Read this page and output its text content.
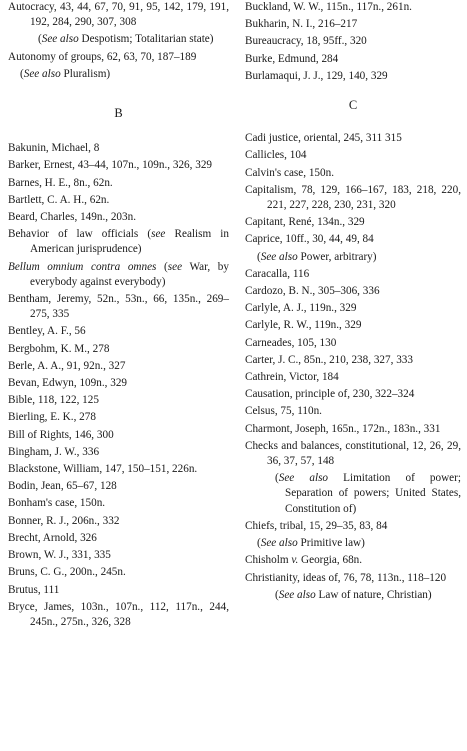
Autocracy, 43, 44, 67, 70, 91, 95, 142, 179, 191, 192, 284, 290, 307, 308

(See also Despotism; Totalitarian state)

Autonomy of groups, 62, 63, 70, 187–189

(See also Pluralism)

B

Bakunin, Michael, 8

Barker, Ernest, 43–44, 107n., 109n., 326, 329

Barnes, H. E., 8n., 62n.

Bartlett, C. A. H., 62n.

Beard, Charles, 149n., 203n.

Behavior of law officials (see Realism in American jurisprudence)

Bellum omnium contra omnes (see War, by everybody against everybody)

Bentham, Jeremy, 52n., 53n., 66, 135n., 269–275, 335

Bentley, A. F., 56

Bergbohm, K. M., 278

Berle, A. A., 91, 92n., 327

Bevan, Edwyn, 109n., 329

Bible, 118, 122, 125

Bierling, E. K., 278

Bill of Rights, 146, 300

Bingham, J. W., 336

Blackstone, William, 147, 150–151, 226n.

Bodin, Jean, 65–67, 128

Bonham's case, 150n.

Bonner, R. J., 206n., 332

Brecht, Arnold, 326

Brown, W. J., 331, 335

Bruns, C. G., 200n., 245n.

Brutus, 111

Bryce, James, 103n., 107n., 112, 117n., 244, 245n., 275n., 326, 328

Buckland, W. W., 115n., 117n., 261n.

Bukharin, N. I., 216–217

Bureaucracy, 18, 95ff., 320

Burke, Edmund, 284

Burlamaqui, J. J., 129, 140, 329

C

Cadi justice, oriental, 245, 311 315

Callicles, 104

Calvin's case, 150n.

Capitalism, 78, 129, 166–167, 183, 218, 220, 221, 227, 228, 230, 231, 320

Capitant, René, 134n., 329

Caprice, 10ff., 30, 44, 49, 84

(See also Power, arbitrary)

Caracalla, 116

Cardozo, B. N., 305–306, 336

Carlyle, A. J., 119n., 329

Carlyle, R. W., 119n., 329

Carneades, 105, 130

Carter, J. C., 85n., 210, 238, 327, 333

Cathrein, Victor, 184

Causation, principle of, 230, 322–324

Celsus, 75, 110n.

Charmont, Joseph, 165n., 172n., 183n., 331

Checks and balances, constitutional, 12, 26, 29, 36, 37, 57, 148

(See also Limitation of power; Separation of powers; United States, Constitution of)

Chiefs, tribal, 15, 29–35, 83, 84

(See also Primitive law)

Chisholm v. Georgia, 68n.

Christianity, ideas of, 76, 78, 113n., 118–120

(See also Law of nature, Christian)
